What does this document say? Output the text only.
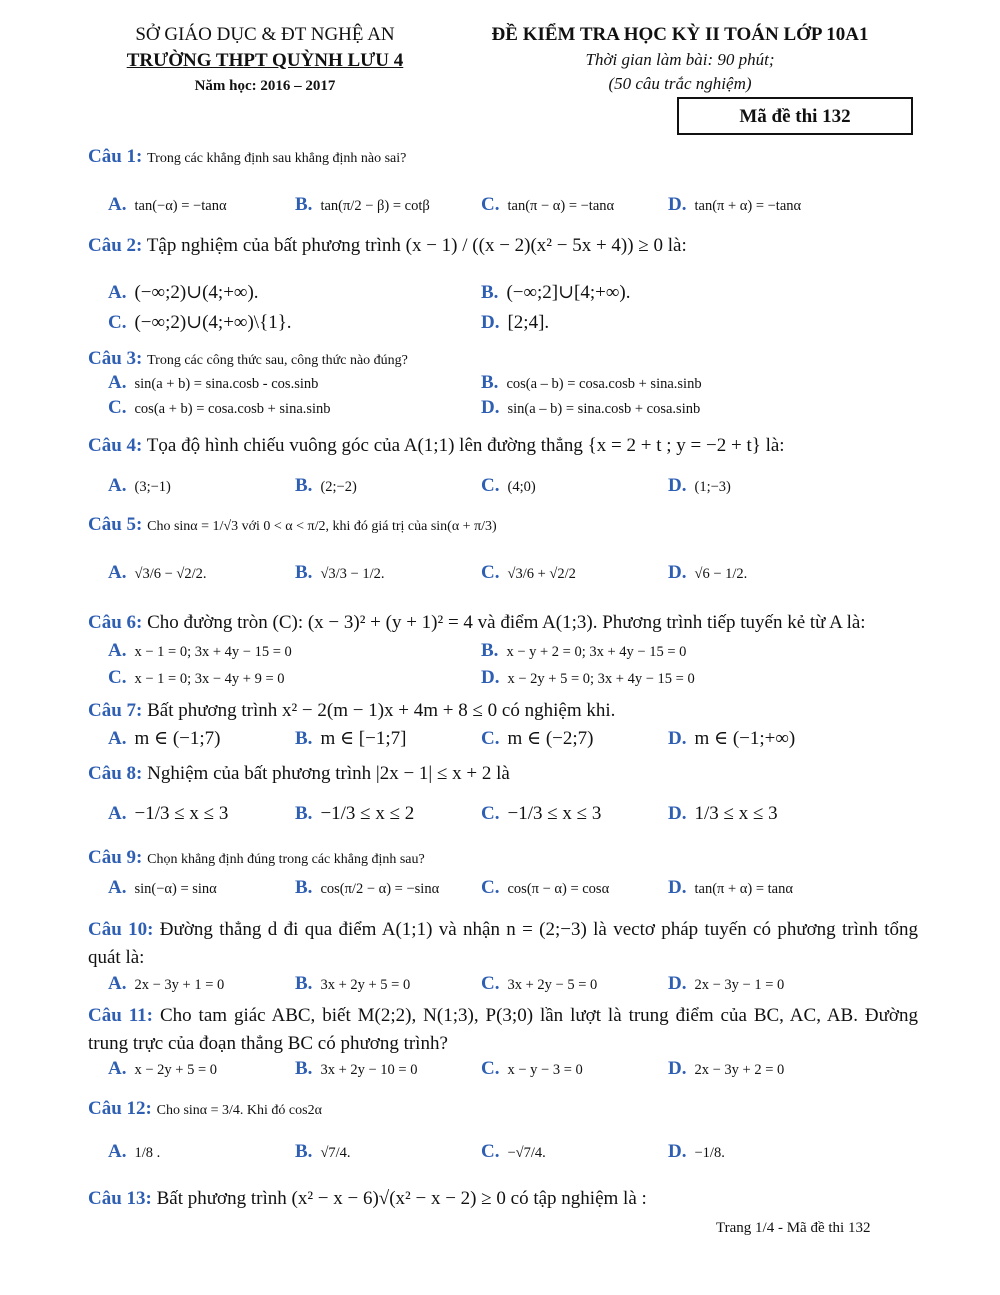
SỞ GIÁO DỤC & ĐT NGHỆ AN
TRƯỜNG THPT QUỲNH LƯU 4
Năm học: 2016 – 2017
ĐỀ KIỂM TRA HỌC KỲ II TOÁN LỚP 10A1
Thời gian làm bài: 90 phút;
(50 câu trắc nghiệm)
Mã đề thi 132
Câu 1: Trong các khẳng định sau khẳng định nào sai?
A. tan(−α) = −tanα	B. tan(π/2 − β) = cotβ	C. tan(π − α) = −tanα	D. tan(π + α) = −tanα
Câu 2: Tập nghiệm của bất phương trình (x − 1) / ((x − 2)(x² − 5x + 4)) ≥ 0 là:
A. (−∞;2)∪(4;+∞).	B. (−∞;2]∪[4;+∞).
C. (−∞;2)∪(4;+∞)\{1}.	D. [2;4].
Câu 3: Trong các công thức sau, công thức nào đúng?
A. sin(a + b) = sina.cosb - cos.sinb	B. cos(a – b) = cosa.cosb + sina.sinb
C. cos(a + b) = cosa.cosb + sina.sinb	D. sin(a – b) = sina.cosb + cosa.sinb
Câu 4: Tọa độ hình chiếu vuông góc của A(1;1) lên đường thẳng {x = 2 + t ; y = −2 + t} là:
A. (3;−1)	B. (2;−2)	C. (4;0)	D. (1;−3)
Câu 5: Cho sinα = 1/√3 với 0 < α < π/2, khi đó giá trị của sin(α + π/3)
A. √3/6 − √2/2.	B. √3/3 − 1/2.	C. √3/6 + √2/2	D. √6 − 1/2.
Câu 6: Cho đường tròn (C): (x − 3)² + (y + 1)² = 4 và điểm A(1;3). Phương trình tiếp tuyến kẻ từ A là:
A. x − 1 = 0; 3x + 4y − 15 = 0	B. x − y + 2 = 0; 3x + 4y − 15 = 0
C. x − 1 = 0; 3x − 4y + 9 = 0	D. x − 2y + 5 = 0; 3x + 4y − 15 = 0
Câu 7: Bất phương trình x² − 2(m − 1)x + 4m + 8 ≤ 0 có nghiệm khi.
A. m ∈ (−1;7)	B. m ∈ [−1;7]	C. m ∈ (−2;7)	D. m ∈ (−1;+∞)
Câu 8: Nghiệm của bất phương trình |2x − 1| ≤ x + 2 là
A. −1/3 ≤ x ≤ 3	B. −1/3 ≤ x ≤ 2	C. −1/3 ≤ x ≤ 3	D. 1/3 ≤ x ≤ 3
Câu 9: Chọn khẳng định đúng trong các khẳng định sau?
A. sin(−α) = sinα	B. cos(π/2 − α) = −sinα C. cos(π − α) = cosα	D. tan(π + α) = tanα
Câu 10: Đường thẳng d đi qua điểm A(1;1) và nhận n = (2;−3) là vectơ pháp tuyến có phương trình tổng quát là:
A. 2x − 3y + 1 = 0	B. 3x + 2y + 5 = 0	C. 3x + 2y − 5 = 0	D. 2x − 3y − 1 = 0
Câu 11: Cho tam giác ABC, biết M(2;2), N(1;3), P(3;0) lần lượt là trung điểm của BC, AC, AB. Đường trung trực của đoạn thẳng BC có phương trình?
A. x − 2y + 5 = 0	B. 3x + 2y − 10 = 0	C. x − y − 3 = 0	D. 2x − 3y + 2 = 0
Câu 12: Cho sinα = 3/4. Khi đó cos2α
A. 1/8 .	B. √7/4.	C. −√7/4.	D. −1/8.
Câu 13: Bất phương trình (x² − x − 6)√(x² − x − 2) ≥ 0 có tập nghiệm là :
Trang 1/4 - Mã đề thi 132
